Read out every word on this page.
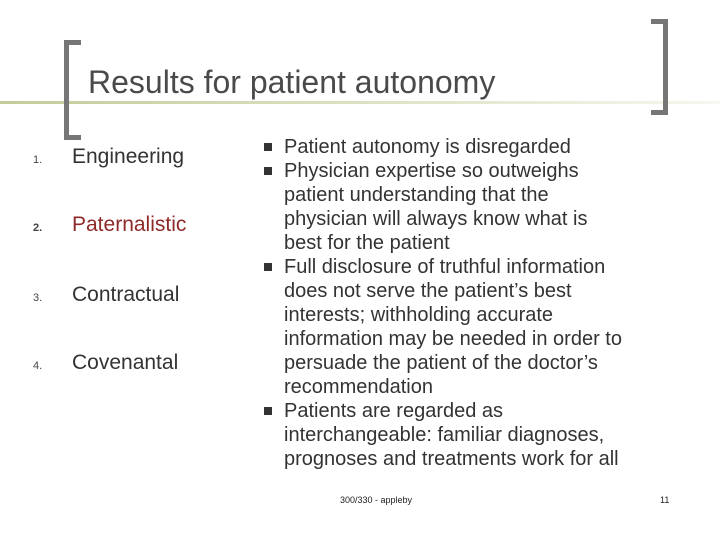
Results for patient autonomy
1. Engineering
2. Paternalistic
3. Contractual
4. Covenantal
Patient autonomy is disregarded
Physician expertise so outweighs
patient understanding that the
physician will always know what is
best for the patient
Full disclosure of truthful information
does not serve the patient’s best
interests; withholding accurate
information may be needed in order to
persuade the patient of the doctor’s
recommendation
Patients are regarded as
interchangeable: familiar diagnoses,
prognoses and treatments work for all
300/330 - appleby	11
